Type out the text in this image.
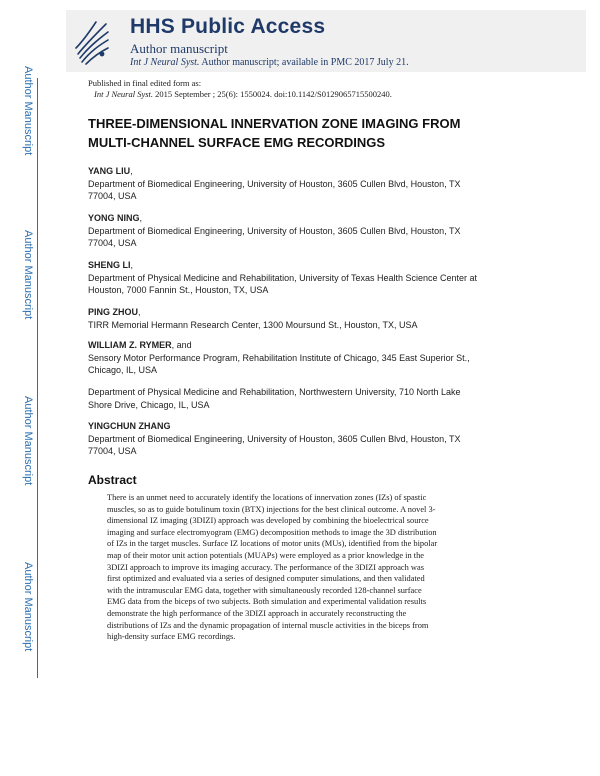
HHS Public Access
Author manuscript
Int J Neural Syst. Author manuscript; available in PMC 2017 July 21.
Author Manuscript
Author Manuscript
Author Manuscript
Author Manuscript
Published in final edited form as:
Int J Neural Syst. 2015 September ; 25(6): 1550024. doi:10.1142/S0129065715500240.
THREE-DIMENSIONAL INNERVATION ZONE IMAGING FROM
MULTI-CHANNEL SURFACE EMG RECORDINGS
YANG LIU,
Department of Biomedical Engineering, University of Houston, 3605 Cullen Blvd, Houston, TX
77004, USA
YONG NING,
Department of Biomedical Engineering, University of Houston, 3605 Cullen Blvd, Houston, TX
77004, USA
SHENG LI,
Department of Physical Medicine and Rehabilitation, University of Texas Health Science Center at
Houston, 7000 Fannin St., Houston, TX, USA
PING ZHOU,
TIRR Memorial Hermann Research Center, 1300 Moursund St., Houston, TX, USA
WILLIAM Z. RYMER, and
Sensory Motor Performance Program, Rehabilitation Institute of Chicago, 345 East Superior St.,
Chicago, IL, USA
Department of Physical Medicine and Rehabilitation, Northwestern University, 710 North Lake
Shore Drive, Chicago, IL, USA
YINGCHUN ZHANG
Department of Biomedical Engineering, University of Houston, 3605 Cullen Blvd, Houston, TX
77004, USA
Abstract
There is an unmet need to accurately identify the locations of innervation zones (IZs) of spastic
muscles, so as to guide botulinum toxin (BTX) injections for the best clinical outcome. A novel 3-
dimensional IZ imaging (3DIZI) approach was developed by combining the bioelectrical source
imaging and surface electromyogram (EMG) decomposition methods to image the 3D distribution
of IZs in the target muscles. Surface IZ locations of motor units (MUs), identified from the bipolar
map of their motor unit action potentials (MUAPs) were employed as a prior knowledge in the
3DIZI approach to improve its imaging accuracy. The performance of the 3DIZI approach was
first optimized and evaluated via a series of designed computer simulations, and then validated
with the intramuscular EMG data, together with simultaneously recorded 128-channel surface
EMG data from the biceps of two subjects. Both simulation and experimental validation results
demonstrate the high performance of the 3DIZI approach in accurately reconstructing the
distributions of IZs and the dynamic propagation of internal muscle activities in the biceps from
high-density surface EMG recordings.
